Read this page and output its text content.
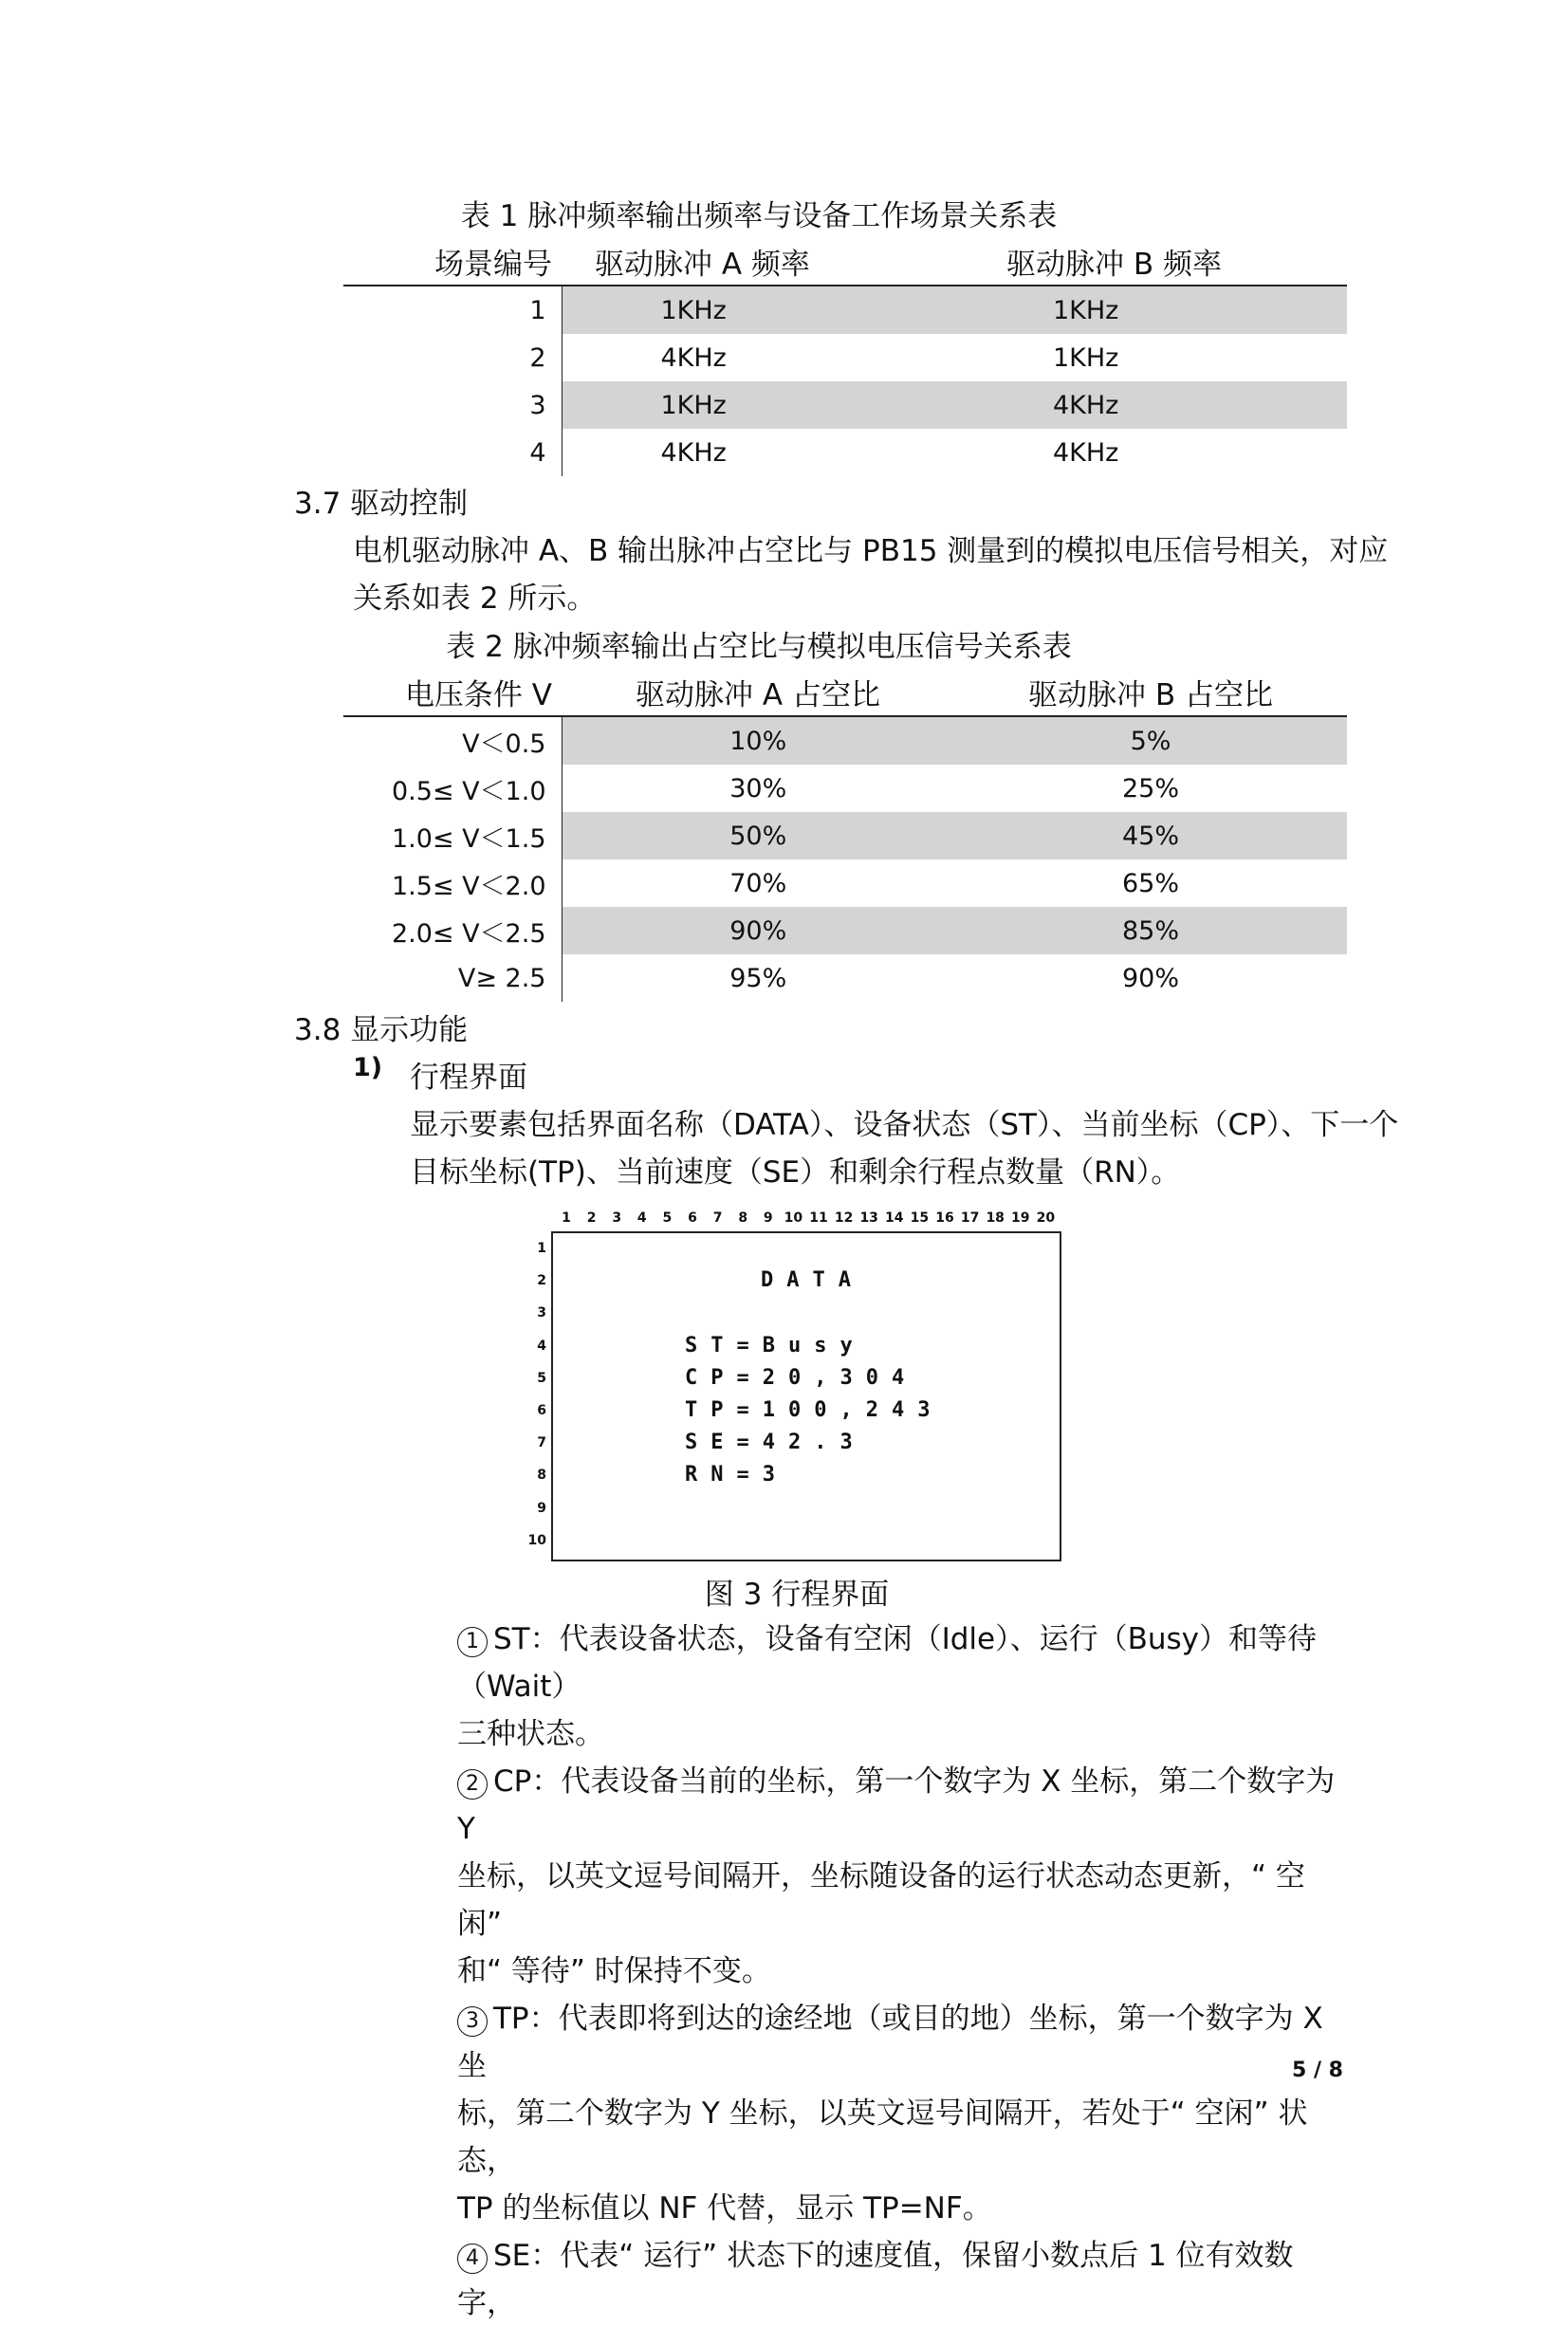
表 1 脉冲频率输出频率与设备工作场景关系表
场景编号	驱动脉冲 A 频率	驱动脉冲 B 频率
1	1KHz	1KHz
2	4KHz	1KHz
3	1KHz	4KHz
4	4KHz	4KHz
3.7 驱动控制
电机驱动脉冲 A、B 输出脉冲占空比与 PB15 测量到的模拟电压信号相关，对应
关系如表 2 所示。
表 2 脉冲频率输出占空比与模拟电压信号关系表
电压条件 V	驱动脉冲 A 占空比	驱动脉冲 B 占空比
V＜0.5	10%	5%
0.5≤ V＜1.0	30%	25%
1.0≤ V＜1.5	50%	45%
1.5≤ V＜2.0	70%	65%
2.0≤ V＜2.5	90%	85%
V≥ 2.5	95%	90%
3.8 显示功能
1) 行程界面
显示要素包括界面名称（DATA）、设备状态（ST）、当前坐标（CP）、下一个
目标坐标(TP)、当前速度（SE）和剩余行程点数量（RN）。
1	2	3	4	5	6	7	8	9 10 11 12 13 14 15 16 17 18 19 20
1
2
3
4
5
6
7
8
9
10
DATA
ST=Busy
CP=20,304
TP=100,243
SE=42.3
RN=3
图 3 行程界面
1 ST：代表设备状态，设备有空闲（Idle）、运行（Busy）和等待（Wait）
三种状态。
2 CP：代表设备当前的坐标，第一个数字为 X 坐标，第二个数字为 Y
坐标，以英文逗号间隔开，坐标随设备的运行状态动态更新，“ 空闲”
和“ 等待” 时保持不变。
3 TP：代表即将到达的途经地（或目的地）坐标，第一个数字为 X 坐
标，第二个数字为 Y 坐标，以英文逗号间隔开，若处于“ 空闲” 状态，
TP 的坐标值以 NF 代替，显示 TP=NF。
4 SE：代表“ 运行” 状态下的速度值，保留小数点后 1 位有效数字，
5 / 8
